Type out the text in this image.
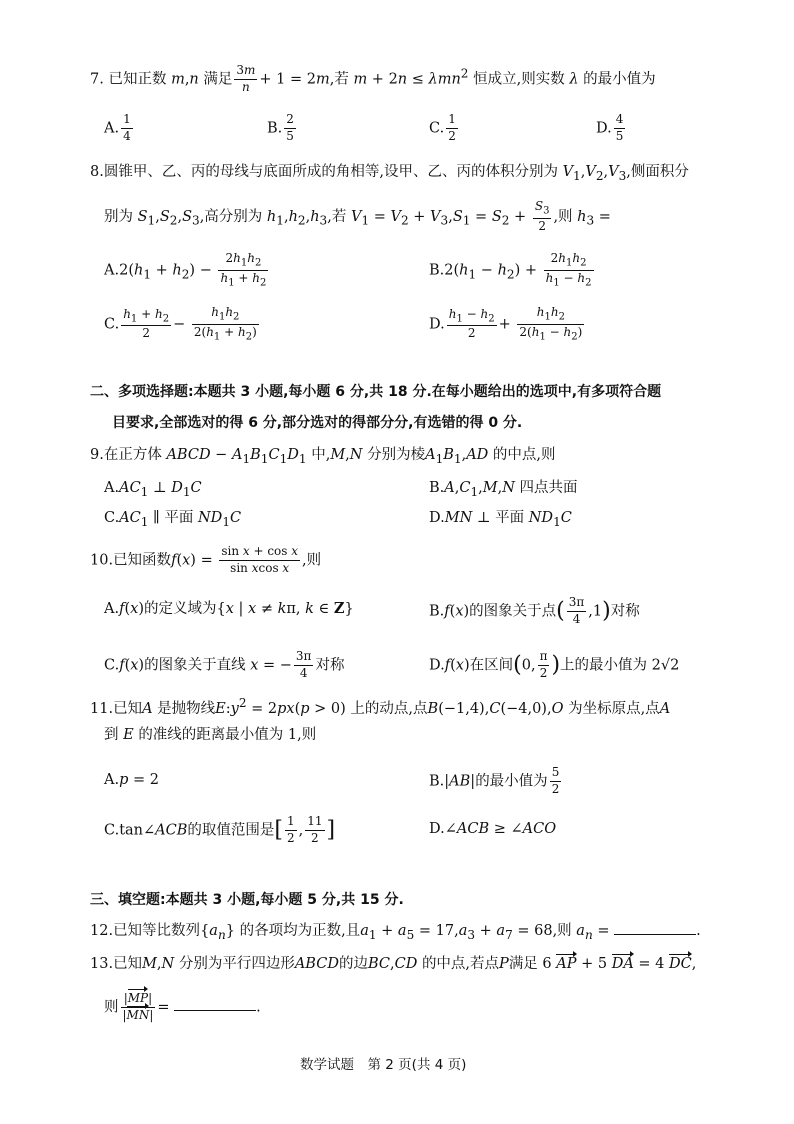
7. 已知正数 m,n 满足 $\frac{3m}{n} + 1 = 2m$,若 m + 2n ≤ λmn$^2$ 恒成立,则实数 λ 的最小值为
A. $\frac{1}{4}$	B. $\frac{2}{5}$	C. $\frac{1}{2}$	D. $\frac{4}{5}$
8.圆锥甲、乙、丙的母线与底面所成的角相等,设甲、乙、丙的体积分别为 $V_1,V_2,V_3$,侧面积分
别为 $S_1,S_2,S_3$,高分别为 $h_1,h_2,h_3$,若 $V_1 = V_2 + V_3,S_1 = S_2 + \frac{S_3}{2}$ ,则 $h_3$ =
$A.2(h_1 + h_2) - \frac{2h_1h_2}{h_1 + h_2}$	$B.2(h_1 - h_2) + \frac{2h_1h_2}{h_1 - h_2}$
C. $\frac{h_1 + h_2}{2} - \frac{h_1h_2}{2(h_1 + h_2)}$	D. $\frac{h_1 - h_2}{2} + \frac{h_1h_2}{2(h_1 - h_2)}$
二、多项选择题:本题共 3 小题,每小题 6 分,共 18 分.在每小题给出的选项中,有多项符合题
目要求,全部选对的得 6 分,部分选对的得部分分,有选错的得 0 分.
9.在正方体 ABCD − $A_1B_1C_1D_1$ 中,M,N 分别为棱$A_1B_1,AD$ 的中点,则
$A.AC_1$ ⊥ $D_1C$	$B.A,C_1,M,N$ 四点共面
$C.AC_1$ ∥ 平面 $ND_1C$	D.MN ⊥ 平面 $ND_1C$
10.已知函数$f(x) = \frac{\text{sin x + cos x}}{\text{sin xcos x}}$ ,则
A.f(x)的定义域为{x | x ≠ kπ, k ∈ Z}	B.f(x)的图象关于点( $\frac{3\pi}{4} ,1$)对称
C.f(x)的图象关于直线 x = − $\frac{3\pi}{4}$ 对称	D.f(x)在区间(0, $\frac{\pi}{2}$ )上的最小值为 2√2
11.已知A 是抛物线$E:y^2 = 2px(p > 0)$ 上的动点,点B(−1,4),C(−4,0),O 为坐标原点,点A
到 E 的准线的距离最小值为 1,则
A.p = 2	B.|AB|的最小值为 $\frac{5}{2}$
C.tan∠ACB的取值范围是[ $\frac{1}{2}$ , $\frac{11}{2}$ ]	D.∠ACB ≥ ∠ACO
三、填空题:本题共 3 小题,每小题 5 分,共 15 分.
12.已知等比数列$\{a_n\}$ 的各项均为正数,且$a_1 + a_5 = 17,a_3 + a_7 = 68$,则 $a_n$ =	.
13.已知M,N 分别为平行四边形ABCD的边BC,CD 的中点,若点P满足 6 AP + 5 DA = 4 DC,
则 $\frac{|MP|}{|MN|}$ =	.
数学试题　第 2 页(共 4 页)
